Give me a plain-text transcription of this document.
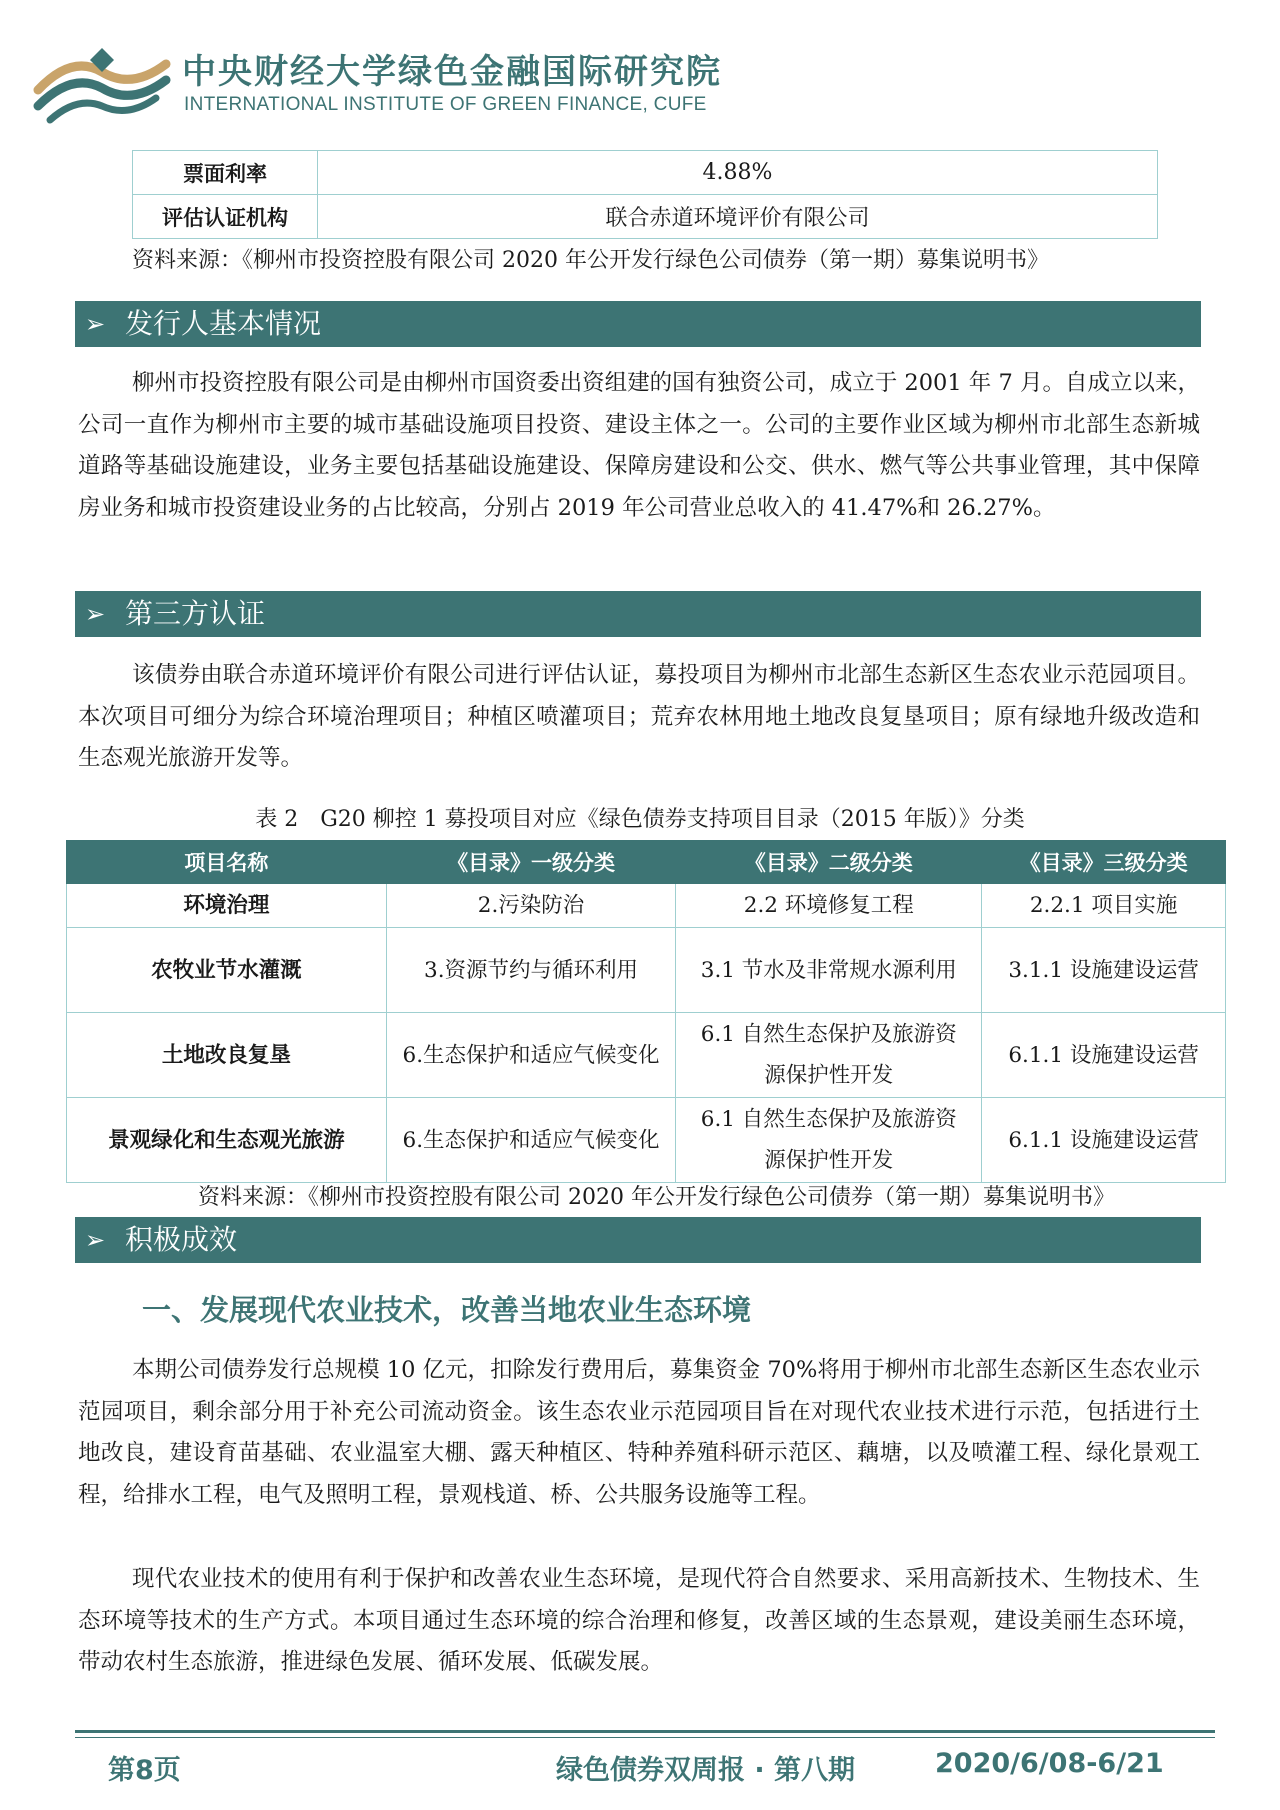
中央财经大学绿色金融国际研究院
INTERNATIONAL INSTITUTE OF GREEN FINANCE, CUFE
票面利率	4.88%
评估认证机构	联合赤道环境评价有限公司
资料来源：《柳州市投资控股有限公司 2020 年公开发行绿色公司债券（第一期）募集说明书》
➢ 发行人基本情况

柳州市投资控股有限公司是由柳州市国资委出资组建的国有独资公司，成立于 2001 年 7 月。自成立以来，公司一直作为柳州市主要的城市基础设施项目投资、建设主体之一。公司的主要作业区域为柳州市北部生态新城道路等基础设施建设，业务主要包括基础设施建设、保障房建设和公交、供水、燃气等公共事业管理，其中保障房业务和城市投资建设业务的占比较高，分别占 2019 年公司营业总收入的 41.47%和 26.27%。

➢ 第三方认证

该债券由联合赤道环境评价有限公司进行评估认证，募投项目为柳州市北部生态新区生态农业示范园项目。本次项目可细分为综合环境治理项目；种植区喷灌项目；荒弃农林用地土地改良复垦项目；原有绿地升级改造和生态观光旅游开发等。

表 2　G20 柳控 1 募投项目对应《绿色债券支持项目目录（2015 年版）》分类
项目名称	《目录》一级分类	《目录》二级分类	《目录》三级分类
环境治理	2.污染防治	2.2 环境修复工程	2.2.1 项目实施
农牧业节水灌溉	3.资源节约与循环利用	3.1 节水及非常规水源利用	3.1.1 设施建设运营
土地改良复垦	6.生态保护和适应气候变化	6.1 自然生态保护及旅游资源保护性开发	6.1.1 设施建设运营
景观绿化和生态观光旅游	6.生态保护和适应气候变化	6.1 自然生态保护及旅游资源保护性开发	6.1.1 设施建设运营
资料来源：《柳州市投资控股有限公司 2020 年公开发行绿色公司债券（第一期）募集说明书》
➢ 积极成效
一、发展现代农业技术，改善当地农业生态环境

本期公司债券发行总规模 10 亿元，扣除发行费用后，募集资金 70%将用于柳州市北部生态新区生态农业示范园项目，剩余部分用于补充公司流动资金。该生态农业示范园项目旨在对现代农业技术进行示范，包括进行土地改良，建设育苗基础、农业温室大棚、露天种植区、特种养殖科研示范区、藕塘，以及喷灌工程、绿化景观工程，给排水工程，电气及照明工程，景观栈道、桥、公共服务设施等工程。

现代农业技术的使用有利于保护和改善农业生态环境，是现代符合自然要求、采用高新技术、生物技术、生态环境等技术的生产方式。本项目通过生态环境的综合治理和修复，改善区域的生态景观，建设美丽生态环境，带动农村生态旅游，推进绿色发展、循环发展、低碳发展。

第8页	绿色债券双周报 · 第八期	2020/6/08-6/21
